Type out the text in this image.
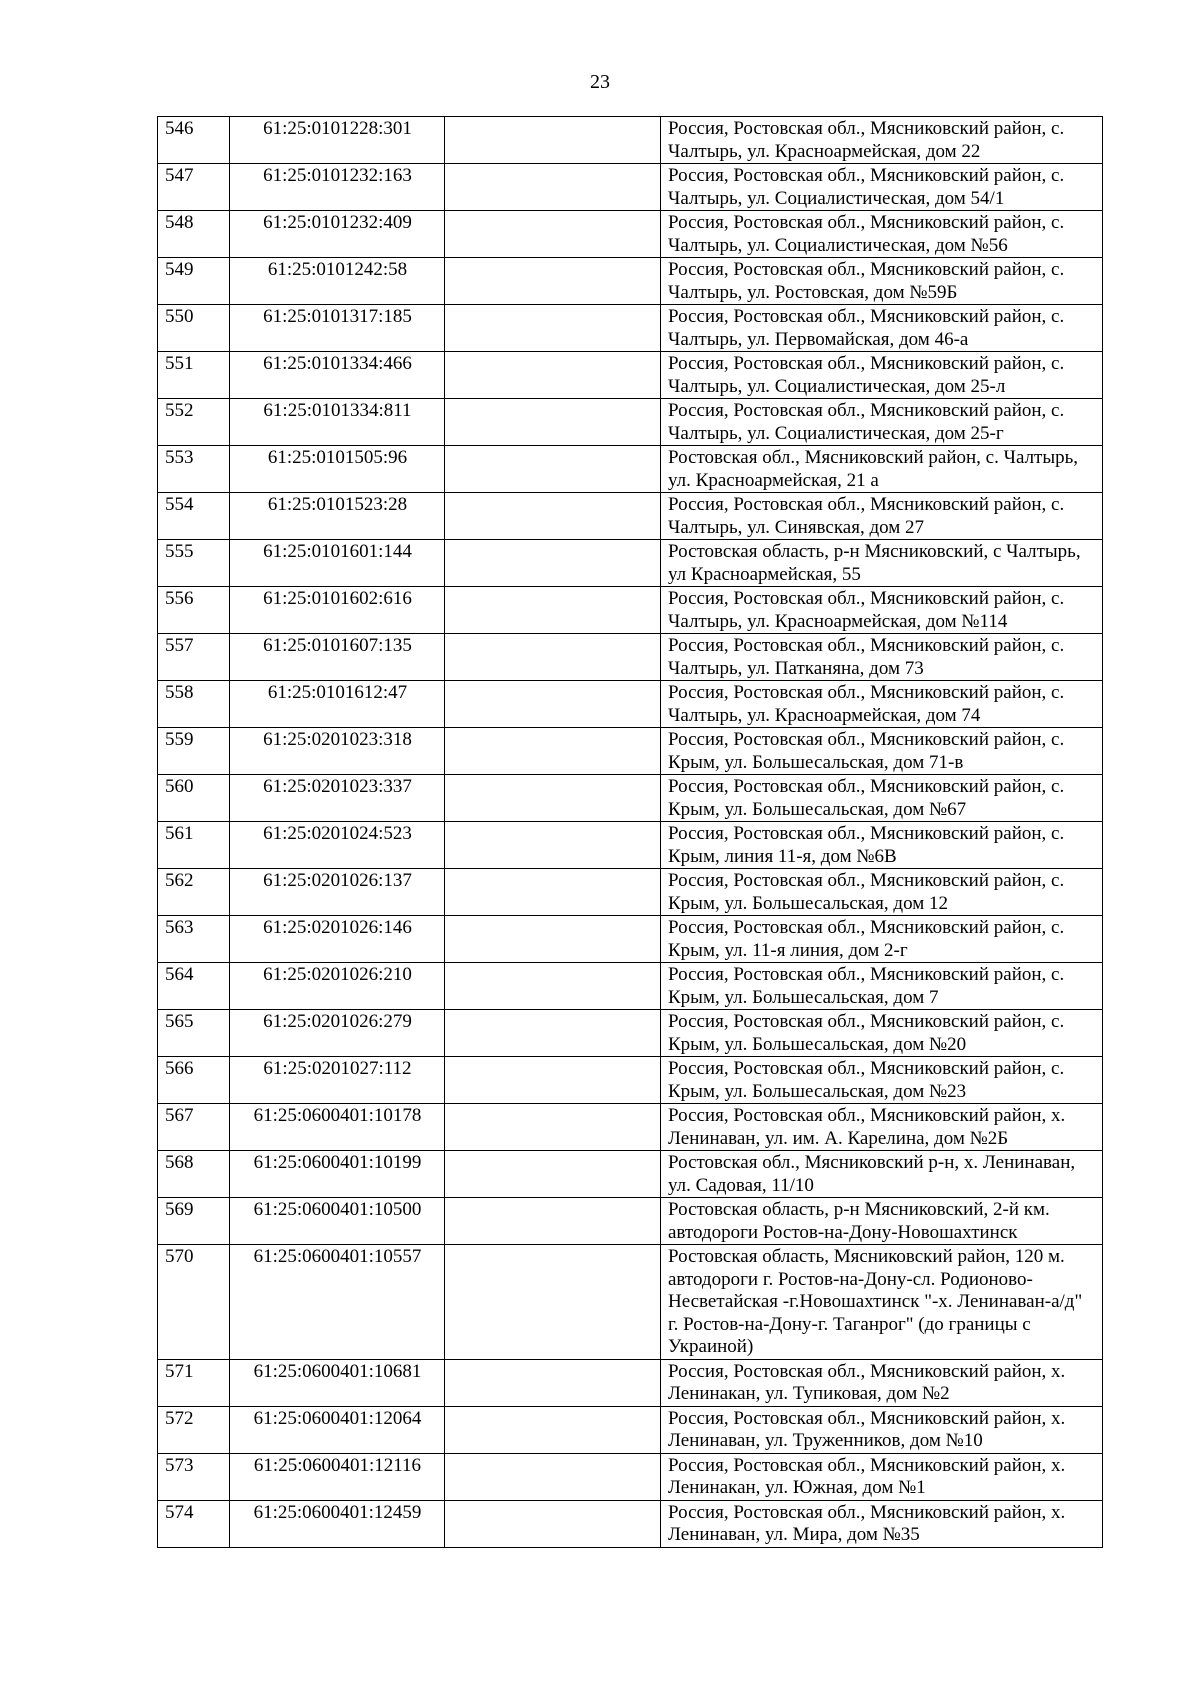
23
546	61:25:0101228:301		Россия, Ростовская обл., Мясниковский район, с. Чалтырь, ул. Красноармейская, дом 22
547	61:25:0101232:163		Россия, Ростовская обл., Мясниковский район, с. Чалтырь, ул. Социалистическая, дом 54/1
548	61:25:0101232:409		Россия, Ростовская обл., Мясниковский район, с. Чалтырь, ул. Социалистическая, дом №56
549	61:25:0101242:58		Россия, Ростовская обл., Мясниковский район, с. Чалтырь, ул. Ростовская, дом №59Б
550	61:25:0101317:185		Россия, Ростовская обл., Мясниковский район, с. Чалтырь, ул. Первомайская, дом 46-а
551	61:25:0101334:466		Россия, Ростовская обл., Мясниковский район, с. Чалтырь, ул. Социалистическая, дом 25-л
552	61:25:0101334:811		Россия, Ростовская обл., Мясниковский район, с. Чалтырь, ул. Социалистическая, дом 25-г
553	61:25:0101505:96		Ростовская обл., Мясниковский район, с. Чалтырь, ул. Красноармейская, 21 а
554	61:25:0101523:28		Россия, Ростовская обл., Мясниковский район, с. Чалтырь, ул. Синявская, дом 27
555	61:25:0101601:144		Ростовская область, р-н Мясниковский, с Чалтырь, ул Красноармейская, 55
556	61:25:0101602:616		Россия, Ростовская обл., Мясниковский район, с. Чалтырь, ул. Красноармейская, дом №114
557	61:25:0101607:135		Россия, Ростовская обл., Мясниковский район, с. Чалтырь, ул. Патканяна, дом 73
558	61:25:0101612:47		Россия, Ростовская обл., Мясниковский район, с. Чалтырь, ул. Красноармейская, дом 74
559	61:25:0201023:318		Россия, Ростовская обл., Мясниковский район, с. Крым, ул. Большесальская, дом 71-в
560	61:25:0201023:337		Россия, Ростовская обл., Мясниковский район, с. Крым, ул. Большесальская, дом №67
561	61:25:0201024:523		Россия, Ростовская обл., Мясниковский район, с. Крым, линия 11-я, дом №6В
562	61:25:0201026:137		Россия, Ростовская обл., Мясниковский район, с. Крым, ул. Большесальская, дом 12
563	61:25:0201026:146		Россия, Ростовская обл., Мясниковский район, с. Крым, ул. 11-я линия, дом 2-г
564	61:25:0201026:210		Россия, Ростовская обл., Мясниковский район, с. Крым, ул. Большесальская, дом 7
565	61:25:0201026:279		Россия, Ростовская обл., Мясниковский район, с. Крым, ул. Большесальская, дом №20
566	61:25:0201027:112		Россия, Ростовская обл., Мясниковский район, с. Крым, ул. Большесальская, дом №23
567	61:25:0600401:10178		Россия, Ростовская обл., Мясниковский район, х. Ленинаван, ул. им. А. Карелина, дом №2Б
568	61:25:0600401:10199		Ростовская обл., Мясниковский р-н, х. Ленинаван, ул. Садовая, 11/10
569	61:25:0600401:10500		Ростовская область, р-н Мясниковский, 2-й км. автодороги Ростов-на-Дону-Новошахтинск
570	61:25:0600401:10557		Ростовская область, Мясниковский район, 120 м. автодороги г. Ростов-на-Дону-сл. Родионово-Несветайская -г.Новошахтинск "-х. Ленинаван-а/д" г. Ростов-на-Дону-г. Таганрог" (до границы с Украиной)
571	61:25:0600401:10681		Россия, Ростовская обл., Мясниковский район, х. Ленинакан, ул. Тупиковая, дом №2
572	61:25:0600401:12064		Россия, Ростовская обл., Мясниковский район, х. Ленинаван, ул. Труженников, дом №10
573	61:25:0600401:12116		Россия, Ростовская обл., Мясниковский район, х. Ленинакан, ул. Южная, дом №1
574	61:25:0600401:12459		Россия, Ростовская обл., Мясниковский район, х. Ленинаван, ул. Мира, дом №35
